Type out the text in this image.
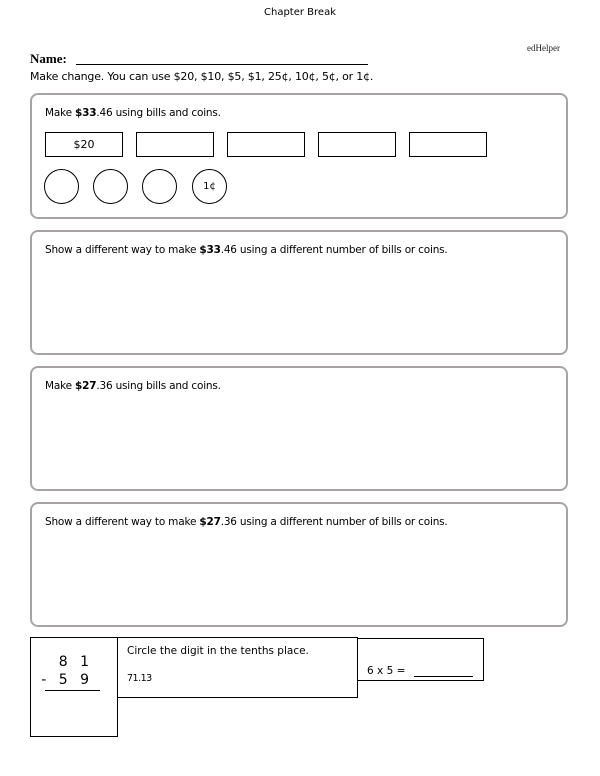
Chapter Break
edHelper
Name:
Make change. You can use $20, $10, $5, $1, 25¢, 10¢, 5¢, or 1¢.
Make $33.46 using bills and coins.
$20
1¢
Show a different way to make $33.46 using a different number of bills or coins.
Make $27.36 using bills and coins.
Show a different way to make $27.36 using a different number of bills or coins.
8 1
- 5 9
Circle the digit in the tenths place.
71.13
6 x 5 =
